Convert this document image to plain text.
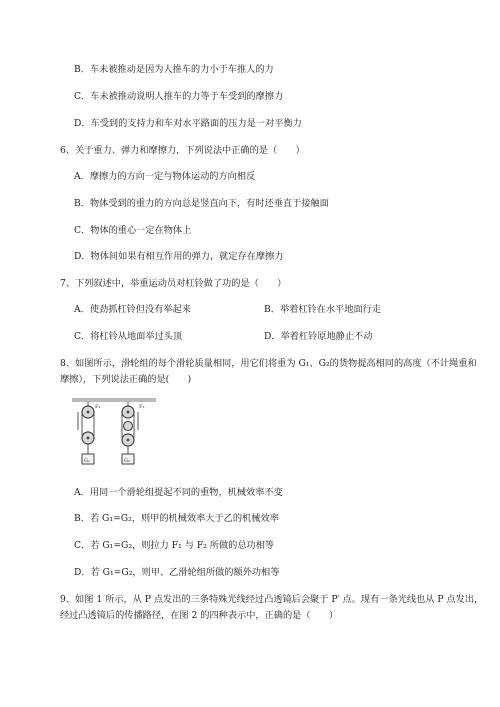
B．车未被推动是因为人推车的力小于车推人的力
C．车未被推动说明人推车的力等于车受到的摩擦力
D．车受到的支持力和车对水平路面的压力是一对平衡力
6、关于重力、弹力和摩擦力，下列说法中正确的是（　　）
A．摩擦力的方向一定与物体运动的方向相反
B．物体受到的重力的方向总是竖直向下，有时还垂直于接触面
C．物体的重心一定在物体上
D．物体间如果有相互作用的弹力，就定存在摩擦力
7、下列叙述中，举重运动员对杠铃做了功的是（　　）
A．使劲抓杠铃但没有举起来	B．举着杠铃在水平地面行走
C．将杠铃从地面举过头顶	D．举着杠铃原地静止不动
8、如图所示，滑轮组的每个滑轮质量相同，用它们将重为 G₁、G₂的货物提高相同的高度（不计绳重和
摩擦），下列说法正确的是(　　)
F₁
G₁
F₂
G₂
A．用同一个滑轮组提起不同的重物，机械效率不变
B．若 G₁=G₂，则甲的机械效率大于乙的机械效率
C．若 G₁=G₂，则拉力 F₁ 与 F₂ 所做的总功相等
D．若 G₁=G₂，则甲、乙滑轮组所做的额外功相等
9、如图 1 所示，从 P 点发出的三条特殊光线经过凸透镜后会聚于 P′ 点。现有一条光线也从 P 点发出，
经过凸透镜后的传播路径，在图 2 的四种表示中，正确的是（　　）
